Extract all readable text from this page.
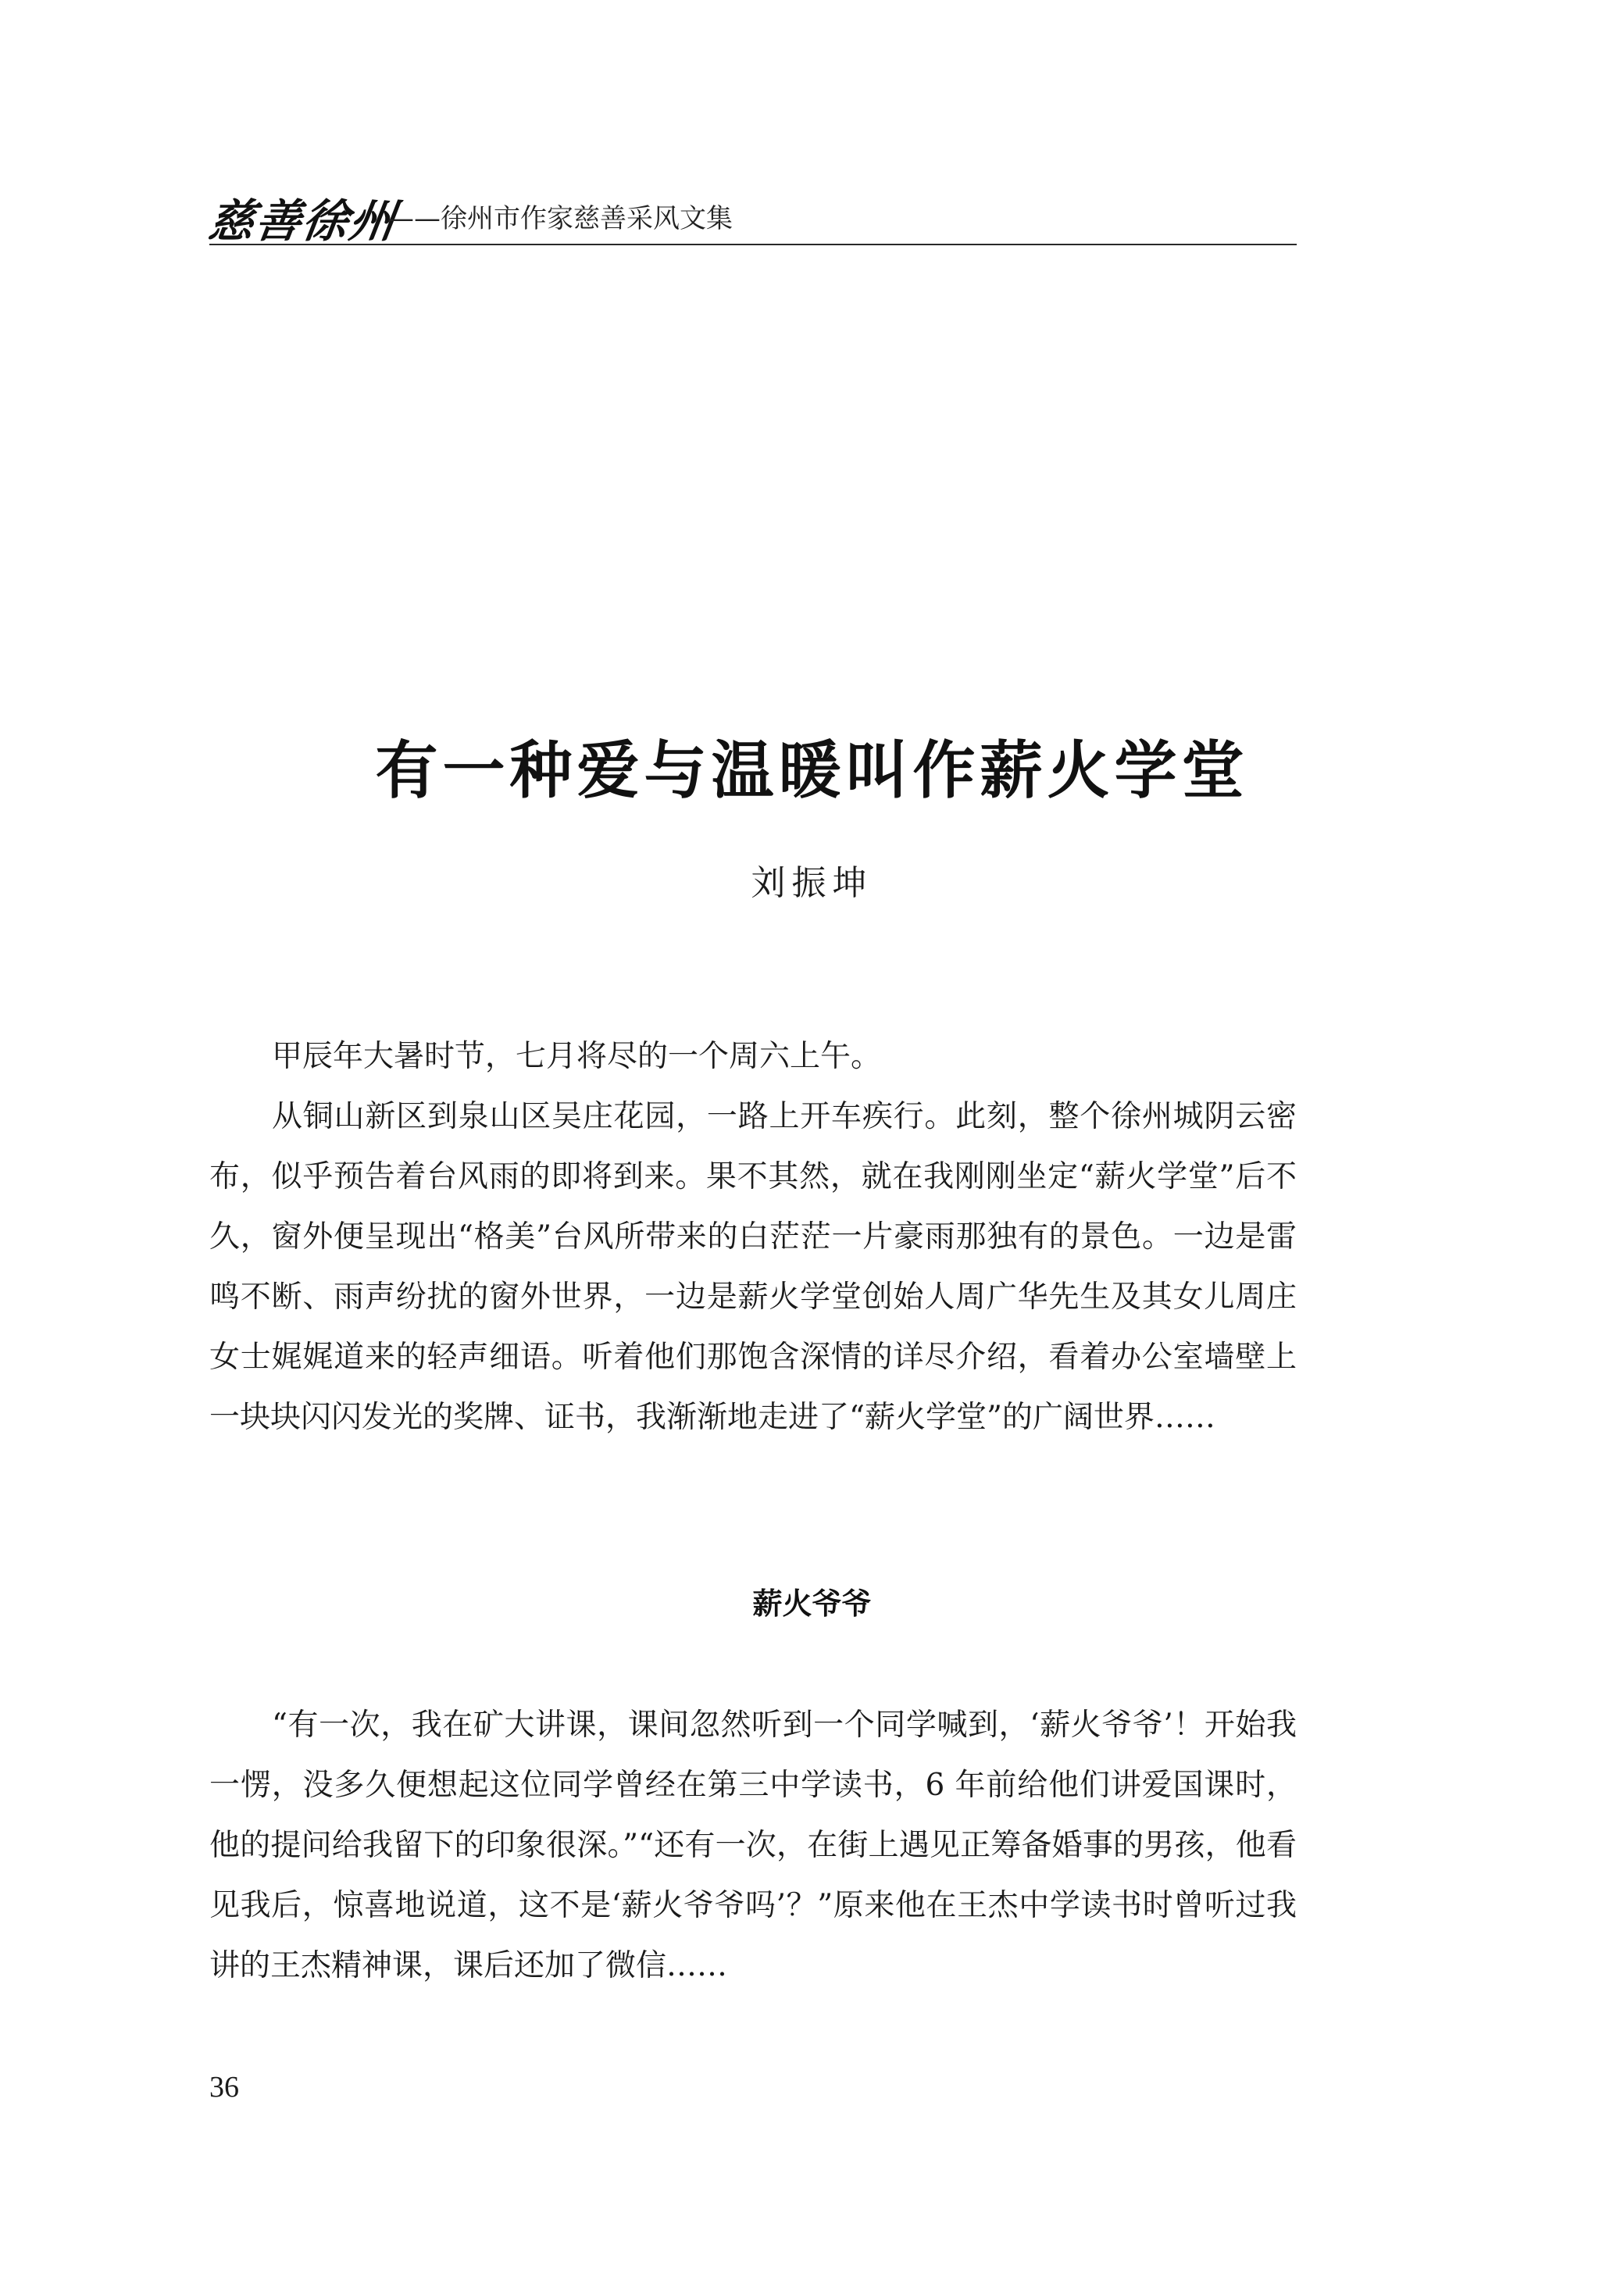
慈善徐州
——徐州市作家慈善采风文集
有一种爱与温暖叫作薪火学堂
刘振坤

甲辰年大暑时节，七月将尽的一个周六上午。

从铜山新区到泉山区吴庄花园，一路上开车疾行。此刻，整个徐州城阴云密布，似乎预告着台风雨的即将到来。果不其然，就在我刚刚坐定“薪火学堂”后不久，窗外便呈现出“格美”台风所带来的白茫茫一片豪雨那独有的景色。一边是雷鸣不断、雨声纷扰的窗外世界，一边是薪火学堂创始人周广华先生及其女儿周庄女士娓娓道来的轻声细语。听着他们那饱含深情的详尽介绍，看着办公室墙壁上一块块闪闪发光的奖牌、证书，我渐渐地走进了“薪火学堂”的广阔世界……

薪火爷爷

“有一次，我在矿大讲课，课间忽然听到一个同学喊到，‘薪火爷爷’！开始我一愣，没多久便想起这位同学曾经在第三中学读书，6 年前给他们讲爱国课时，他的提问给我留下的印象很深。”“还有一次，在街上遇见正筹备婚事的男孩，他看见我后，惊喜地说道，这不是‘薪火爷爷吗’？”原来他在王杰中学读书时曾听过我讲的王杰精神课，课后还加了微信……

36
